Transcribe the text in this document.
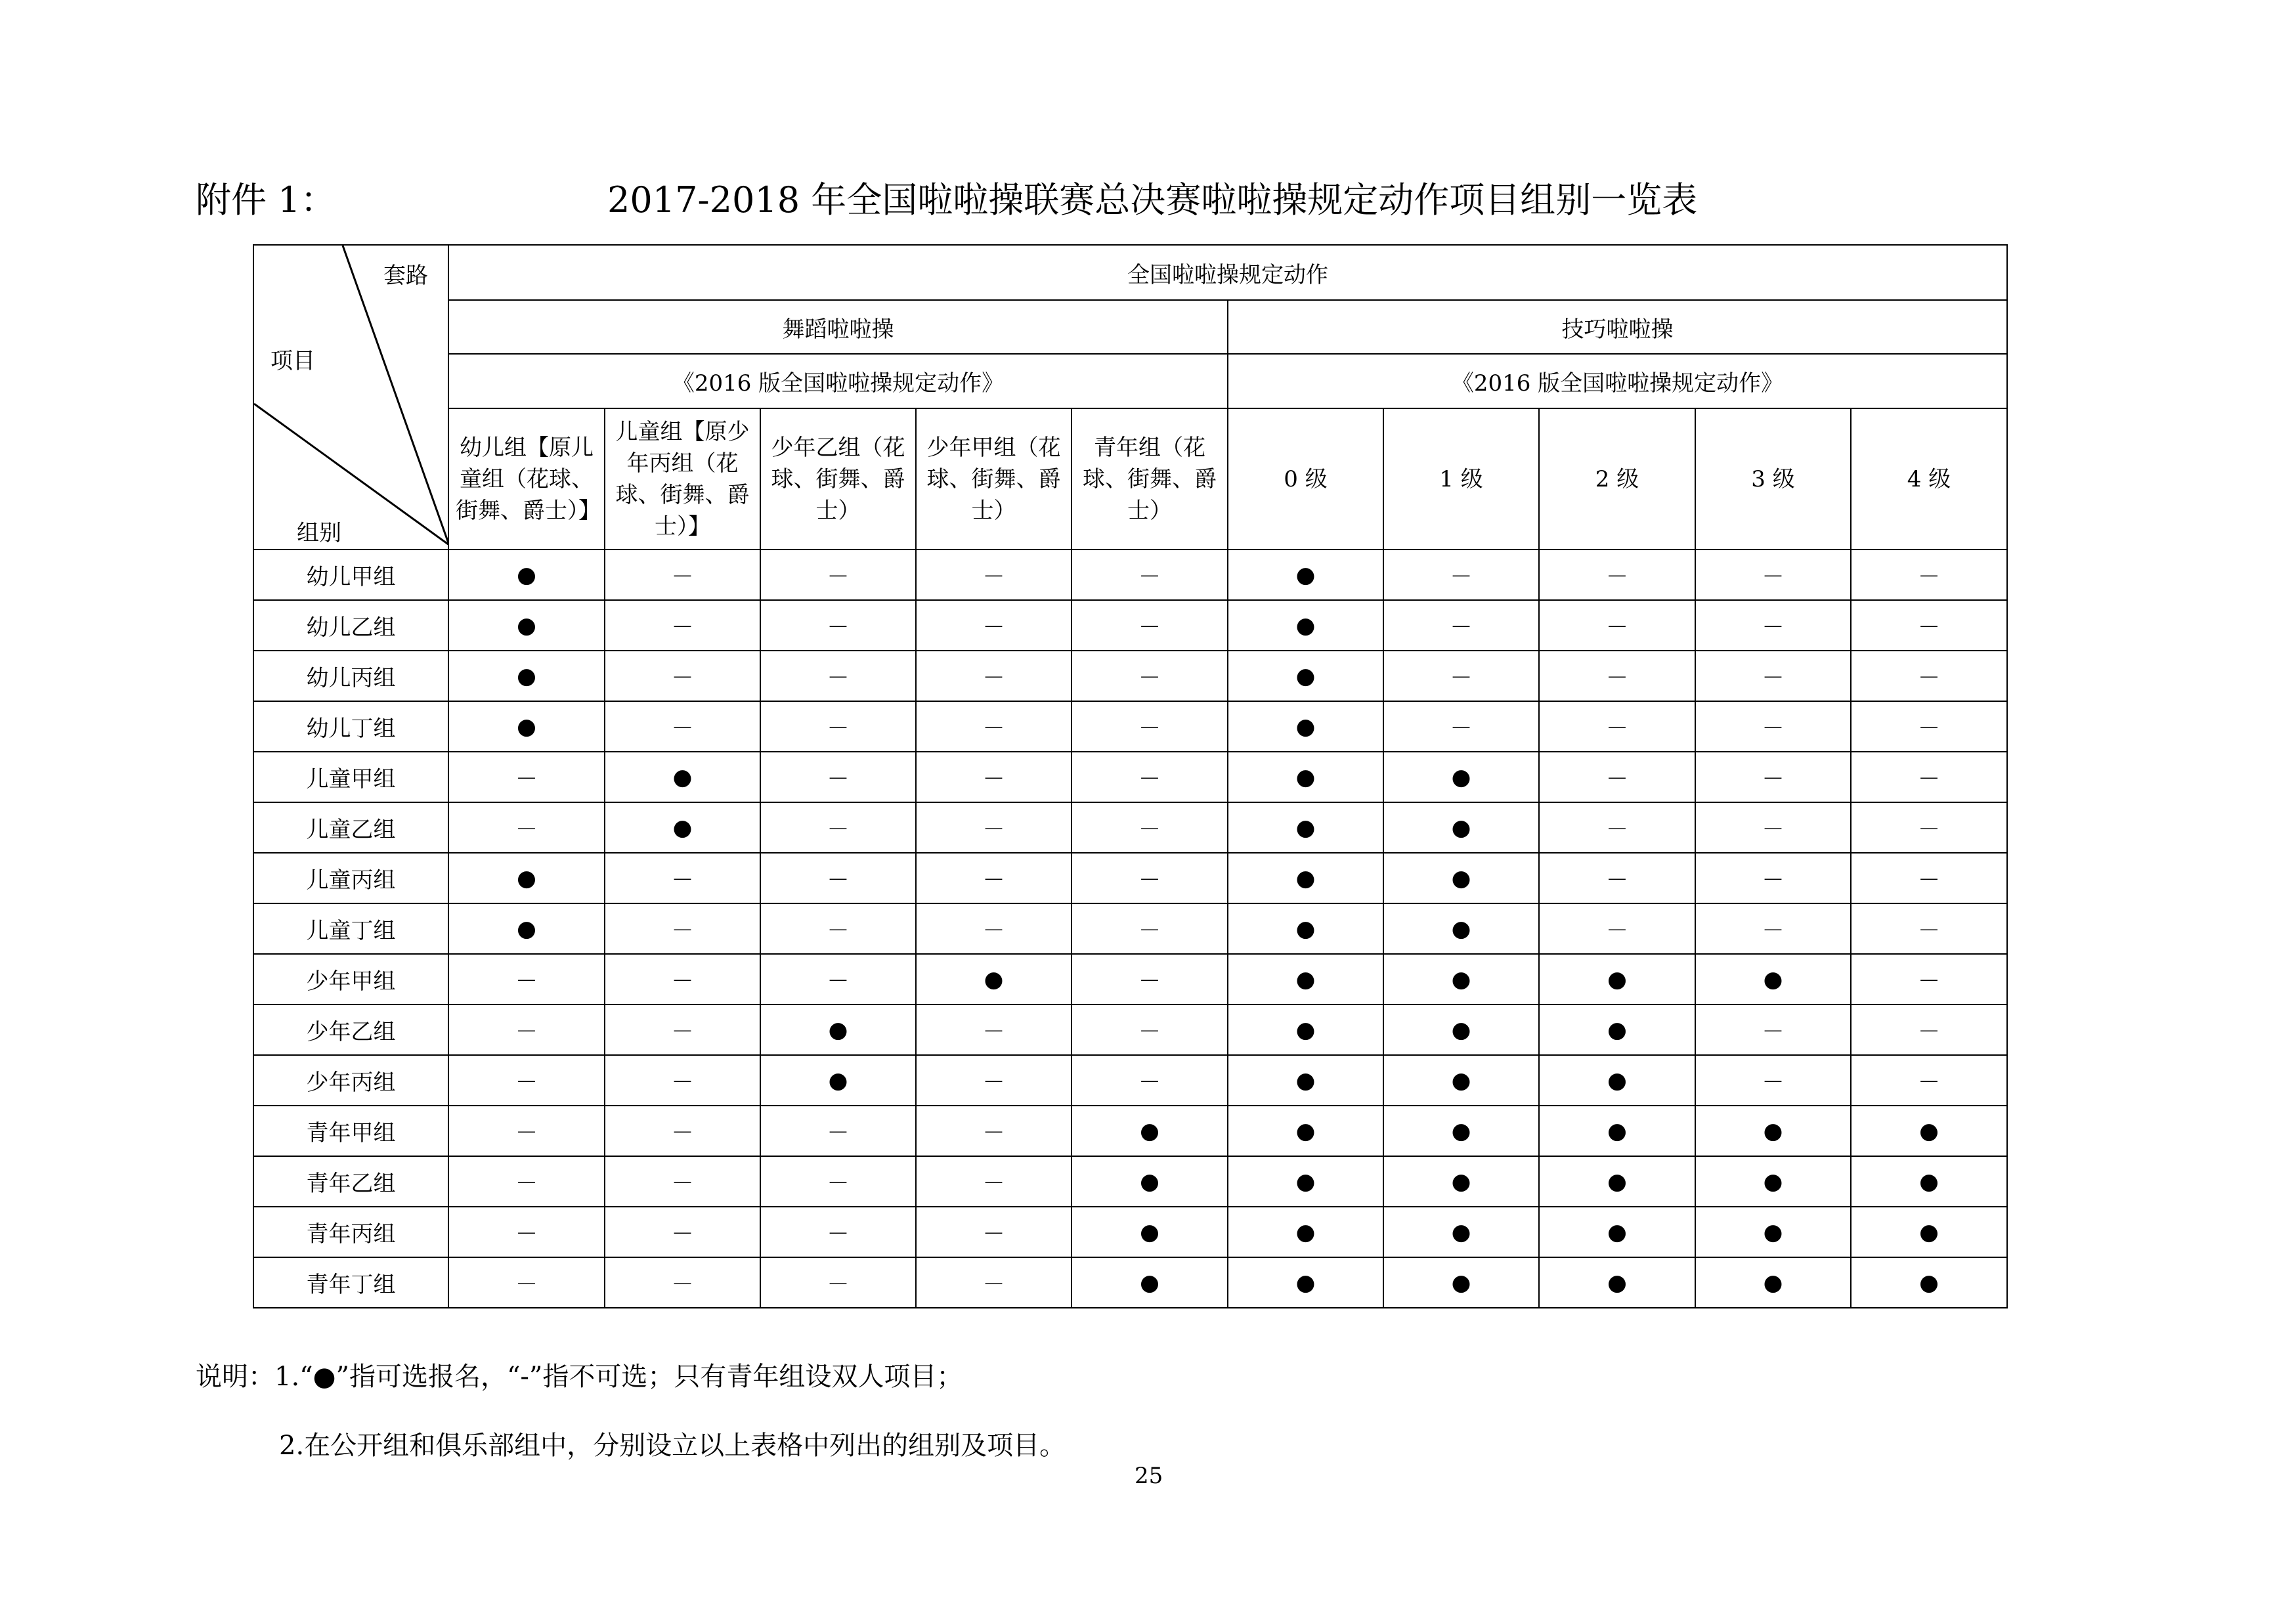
附件 1：	2017-2018 年全国啦啦操联赛总决赛啦啦操规定动作项目组别一览表
套路
项目
组别	全国啦啦操规定动作									
	舞蹈啦啦操					技巧啦啦操				
	《2016 版全国啦啦操规定动作》					《2016 版全国啦啦操规定动作》				
	幼儿组【原儿童组（花球、街舞、爵士）】	儿童组【原少年丙组（花球、街舞、爵士）】	少年乙组（花球、街舞、爵士）	少年甲组（花球、街舞、爵士）	青年组（花球、街舞、爵士）	0 级	1 级	2 级	3 级	4 级
幼儿甲组	●	－	－	－	－	●	－	－	－	－
幼儿乙组	●	－	－	－	－	●	－	－	－	－
幼儿丙组	●	－	－	－	－	●	－	－	－	－
幼儿丁组	●	－	－	－	－	●	－	－	－	－
儿童甲组	－	●	－	－	－	●	●	－	－	－
儿童乙组	－	●	－	－	－	●	●	－	－	－
儿童丙组	●	－	－	－	－	●	●	－	－	－
儿童丁组	●	－	－	－	－	●	●	－	－	－
少年甲组	－	－	－	●	－	●	●	●	●	－
少年乙组	－	－	●	－	－	●	●	●	－	－
少年丙组	－	－	●	－	－	●	●	●	－	－
青年甲组	－	－	－	－	●	●	●	●	●	●
青年乙组	－	－	－	－	●	●	●	●	●	●
青年丙组	－	－	－	－	●	●	●	●	●	●
青年丁组	－	－	－	－	●	●	●	●	●	●
说明：1.“●”指可选报名，“-”指不可选；只有青年组设双人项目；
2.在公开组和俱乐部组中，分别设立以上表格中列出的组别及项目。
25
